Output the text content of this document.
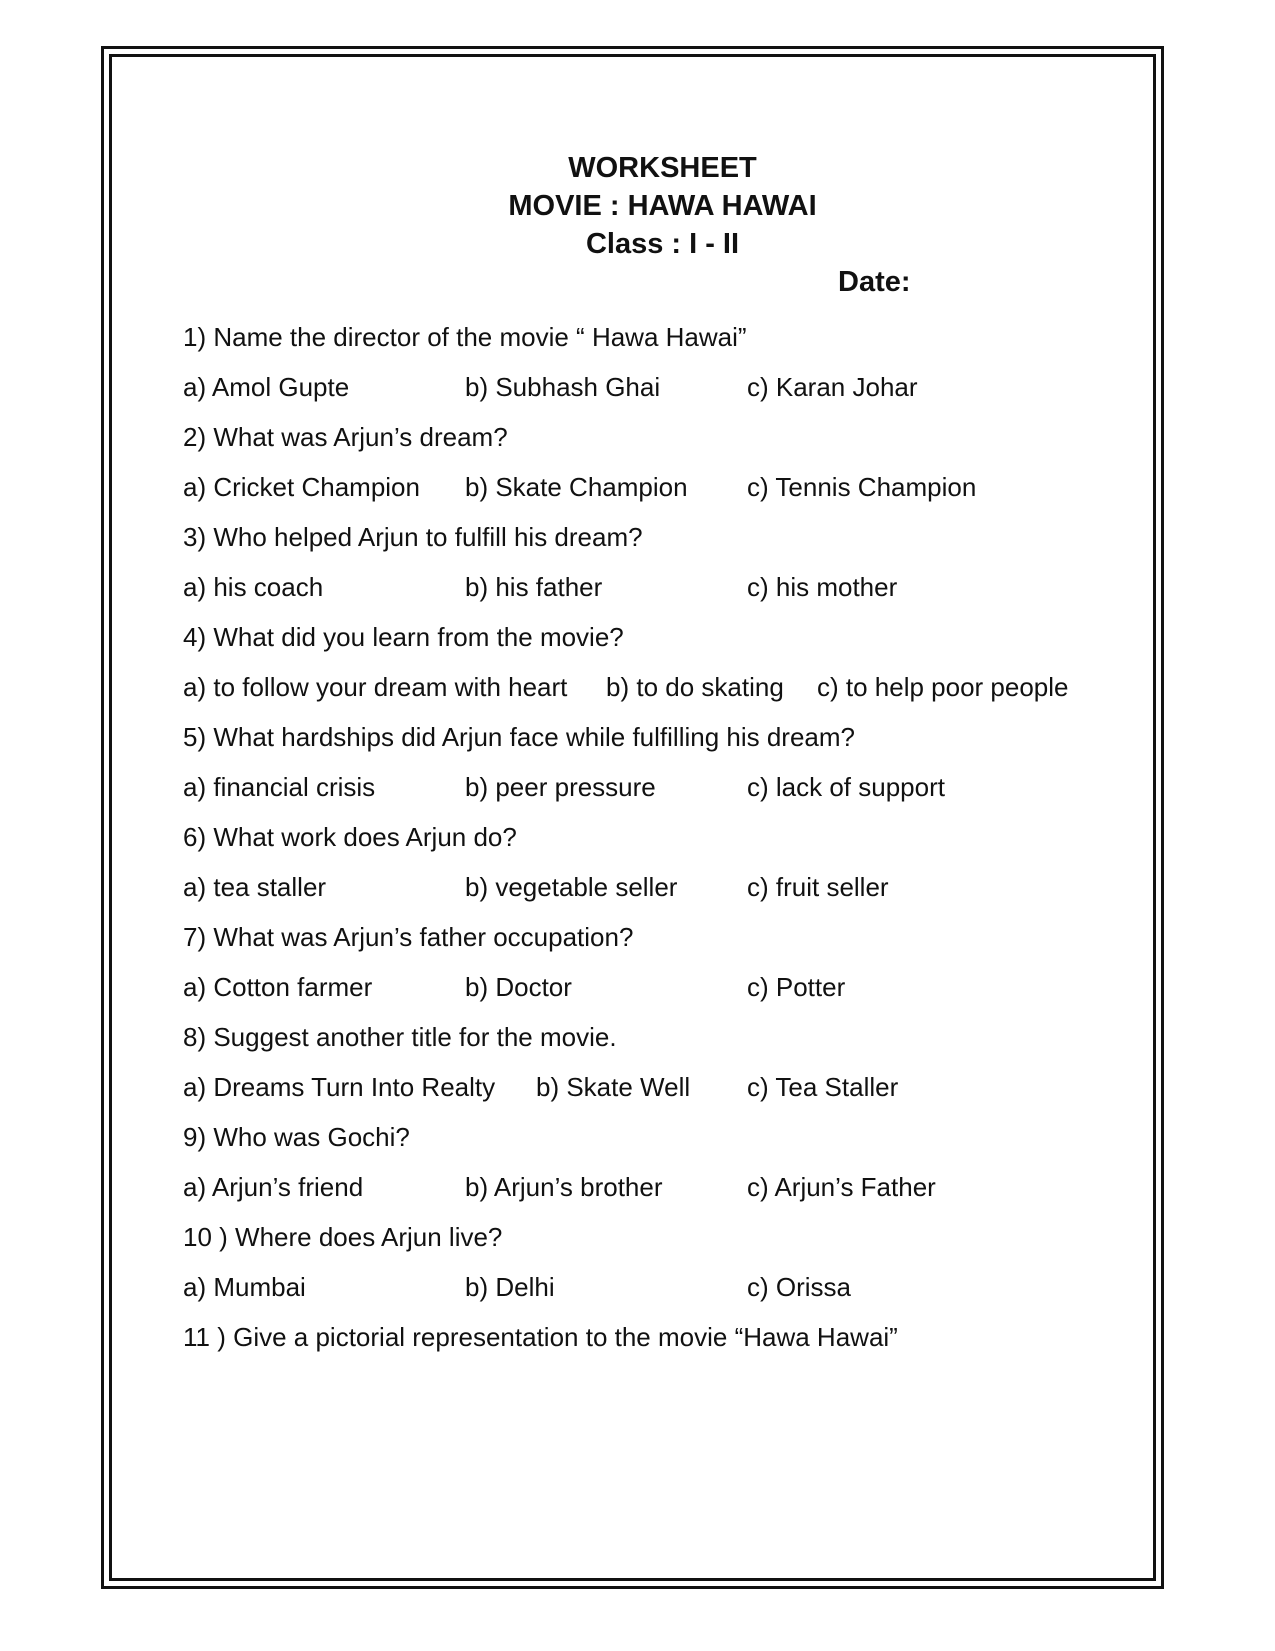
WORKSHEET
MOVIE : HAWA HAWAI
Class : I - II
Date:
1) Name the director of the movie “ Hawa Hawai”
a) Amol Gupte	b) Subhash Ghai	c) Karan Johar
2) What was Arjun’s dream?
a) Cricket Champion b) Skate Champion c) Tennis Champion
3) Who helped Arjun to fulfill his dream?
a) his coach	b) his father	c) his mother
4) What did you learn from the movie?
a) to follow your dream with heart b) to do skating c) to help poor people
5) What hardships did Arjun face while fulfilling his dream?
a) financial crisis	b) peer pressure	c) lack of support
6) What work does Arjun do?
a) tea staller	b) vegetable seller	c) fruit seller
7) What was Arjun’s father occupation?
a) Cotton farmer	b) Doctor	c) Potter
8) Suggest another title for the movie.
a) Dreams Turn Into Realty b) Skate Well c) Tea Staller
9) Who was Gochi?
a) Arjun’s friend	b) Arjun’s brother	c) Arjun’s Father
10 ) Where does Arjun live?
a) Mumbai	b) Delhi	c) Orissa
11 ) Give a pictorial representation to the movie “Hawa Hawai”
